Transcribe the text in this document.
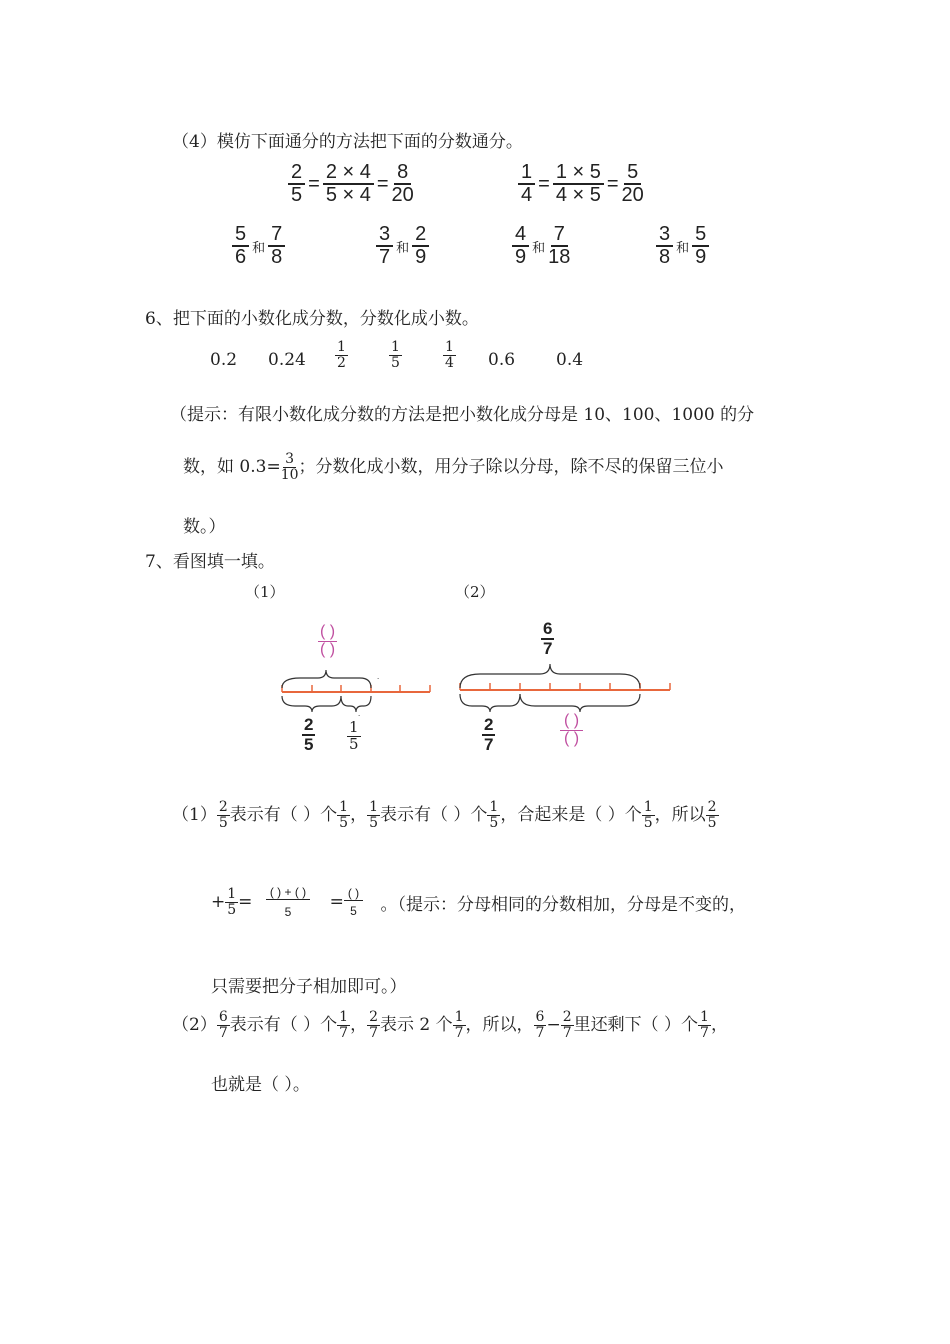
（4）模仿下面通分的方法把下面的分数通分。
$\frac{2}{5} = \frac{2 \times 4}{5 \times 4} = \frac{8}{20}$	$\frac{1}{4} = \frac{1 \times 5}{4 \times 5} = \frac{5}{20}$
$\frac{5}{6}$ 和 $\frac{7}{8}$	$\frac{3}{7}$ 和 $\frac{2}{9}$	$\frac{4}{9}$ 和 $\frac{7}{18}$	$\frac{3}{8}$ 和 $\frac{5}{9}$
6、把下面的小数化成分数，分数化成小数。
0.2 $0.24 \frac{1}{2}$	$\frac{1}{5}$	$\frac{1}{4} 0.6$ 0.4
（提示：有限小数化成分数的方法是把小数化成分母是 10、100、1000 的分
数，如 $0.3= \frac{3}{10}$ ；分数化成小数，用分子除以分母，除不尽的保留三位小
数。）
7、看图填一填。
（1）	（2）
·
·
$\frac{( )}{( )}$
$\frac{2}{5} \frac{1}{5}$
$\frac{6}{7}$
$\frac{2}{7}$	$\frac{( )}{( )}$
$(1) \frac{2}{5}$ 表示有（ ）个 $\frac{1}{5}$ ， $\frac{1}{5}$ 表示有（ ）个 $\frac{1}{5}$ ，合起来是（ ）个 $\frac{1}{5}$ ，所以 $\frac{2}{5}$
+ $\frac{1}{5} = \frac{( ) + ( )}{5} = \frac{( )}{5}$ 。（提示：分母相同的分数相加，分母是不变的，
只需要把分子相加即可。）
$(2) \frac{6}{7}$ 表示有（ ）个 $\frac{1}{7}$ ， $\frac{2}{7}$ 表示 2 个 $\frac{1}{7}$ ，所以， $\frac{6}{7} - \frac{2}{7}$ 里还剩下（ ）个 $\frac{1}{7}$ ，
也就是（ ）。
